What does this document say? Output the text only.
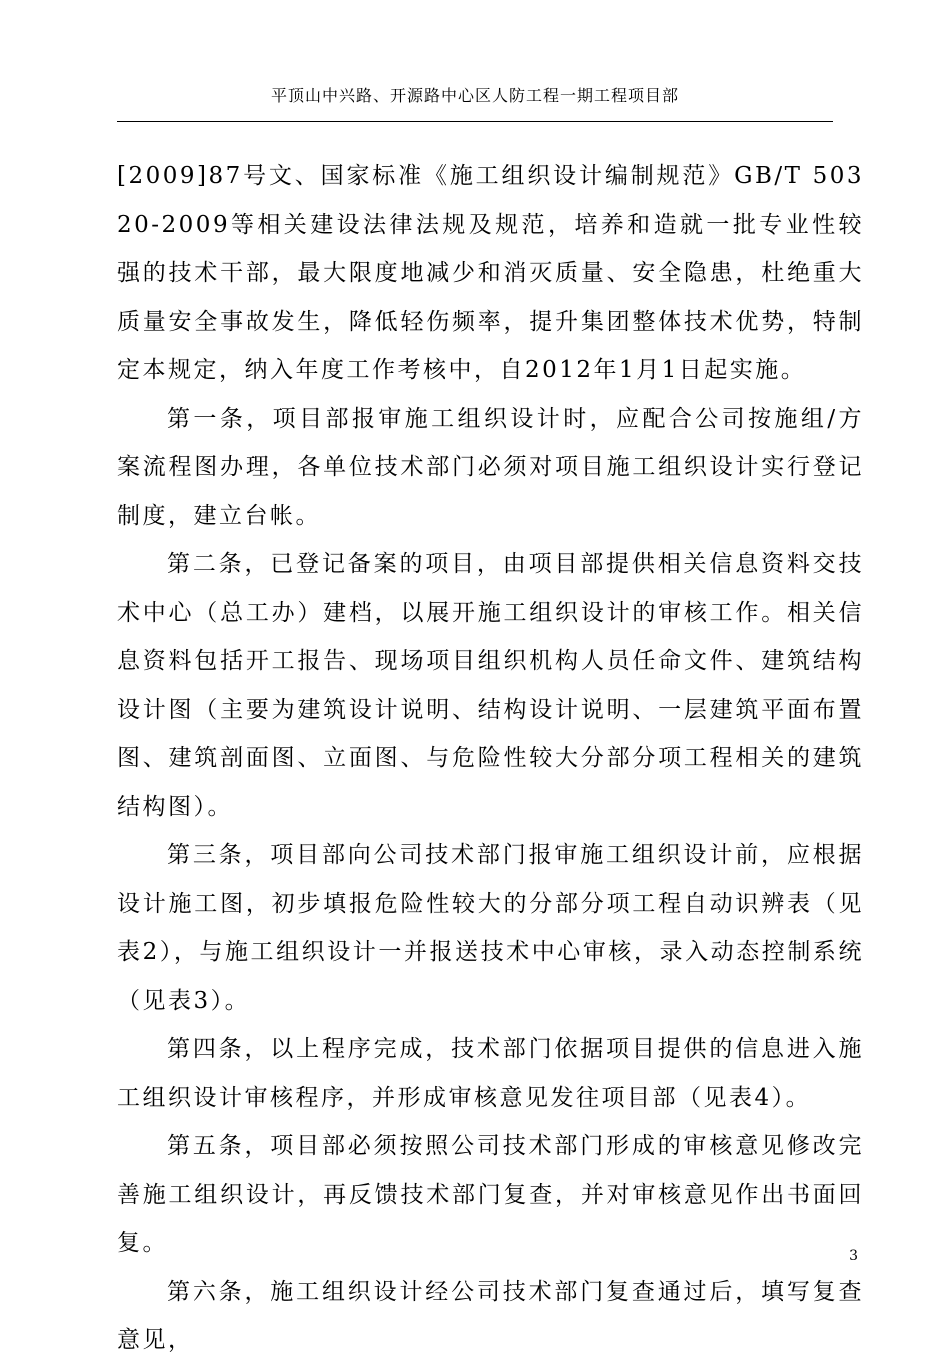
平顶山中兴路、开源路中心区人防工程一期工程项目部

[2009]87号文、国家标准《施工组织设计编制规范》GB/T 50320-2009等相关建设法律法规及规范，培养和造就一批专业性较强的技术干部，最大限度地减少和消灭质量、安全隐患，杜绝重大质量安全事故发生，降低轻伤频率，提升集团整体技术优势，特制定本规定，纳入年度工作考核中，自2012年1月1日起实施。

第一条，项目部报审施工组织设计时，应配合公司按施组/方案流程图办理，各单位技术部门必须对项目施工组织设计实行登记制度，建立台帐。

第二条，已登记备案的项目，由项目部提供相关信息资料交技术中心（总工办）建档，以展开施工组织设计的审核工作。相关信息资料包括开工报告、现场项目组织机构人员任命文件、建筑结构设计图（主要为建筑设计说明、结构设计说明、一层建筑平面布置图、建筑剖面图、立面图、与危险性较大分部分项工程相关的建筑结构图）。

第三条，项目部向公司技术部门报审施工组织设计前，应根据设计施工图，初步填报危险性较大的分部分项工程自动识辨表（见表2），与施工组织设计一并报送技术中心审核，录入动态控制系统（见表3）。

第四条，以上程序完成，技术部门依据项目提供的信息进入施工组织设计审核程序，并形成审核意见发往项目部（见表4）。

第五条，项目部必须按照公司技术部门形成的审核意见修改完善施工组织设计，再反馈技术部门复查，并对审核意见作出书面回复。

第六条，施工组织设计经公司技术部门复查通过后，填写复查意见，

3
